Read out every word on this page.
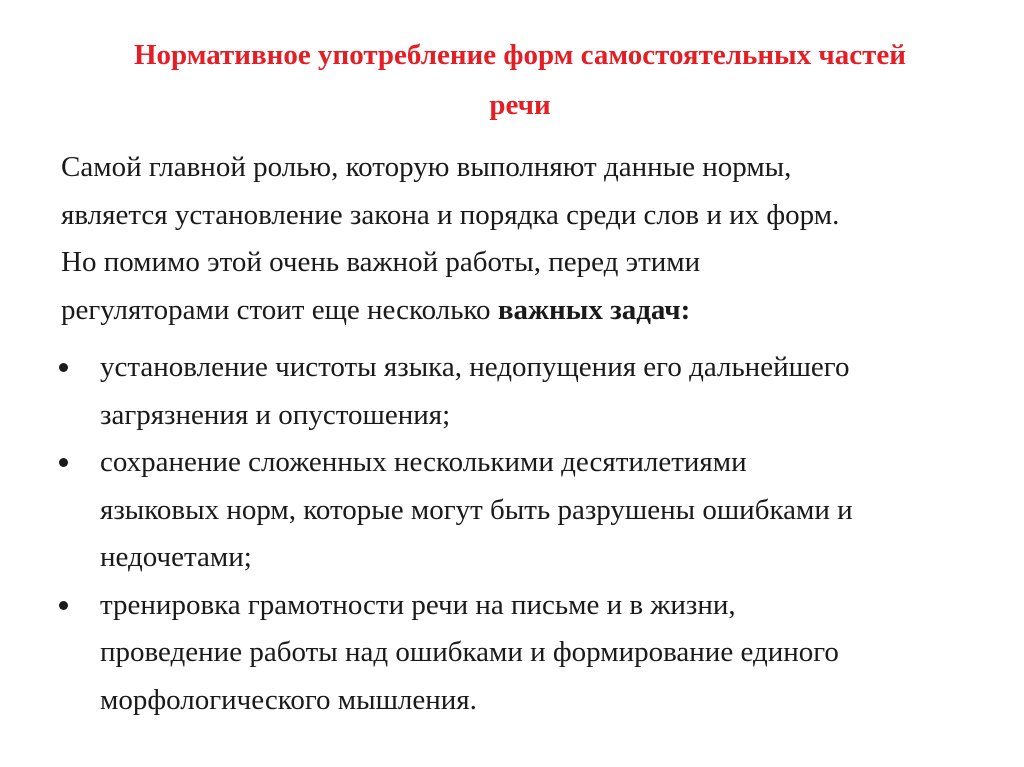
Нормативное употребление форм самостоятельных частей
речи
Самой главной ролью, которую выполняют данные нормы,
является установление закона и порядка среди слов и их форм.
Но помимо этой очень важной работы, перед этими
регуляторами стоит еще несколько важных задач:
установление чистоты языка, недопущения его дальнейшего
загрязнения и опустошения;
сохранение сложенных несколькими десятилетиями
языковых норм, которые могут быть разрушены ошибками и
недочетами;
тренировка грамотности речи на письме и в жизни,
проведение работы над ошибками и формирование единого
морфологического мышления.
